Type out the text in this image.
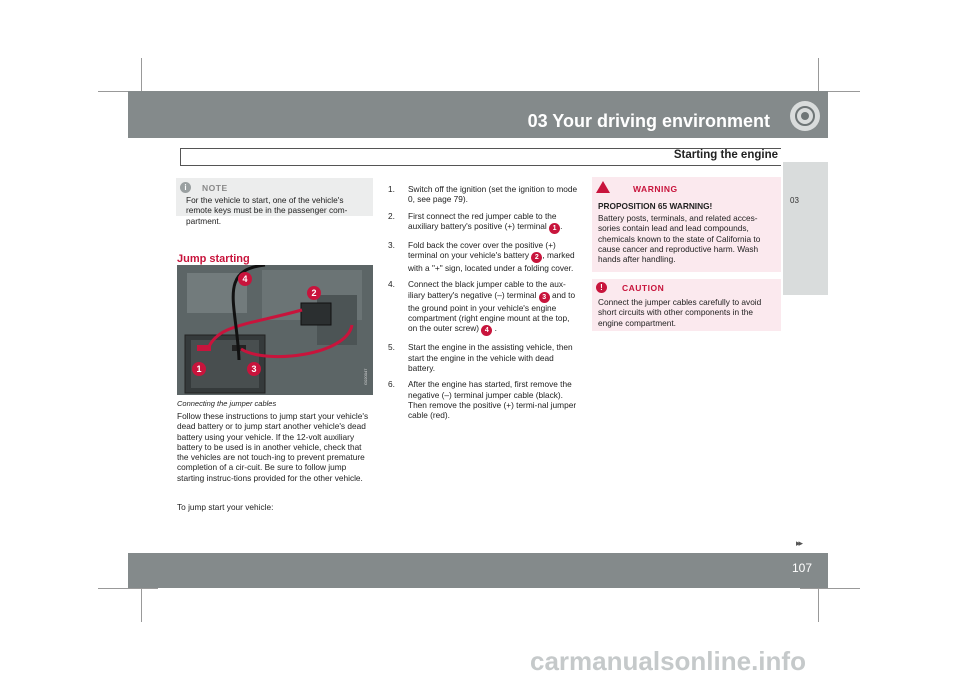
03 Your driving environment
Starting the engine
03
i	NOTE
For the vehicle to start, one of the vehicle's remote keys must be in the passenger com-partment.
Jump starting
4
2
1	3	G020047
Connecting the jumper cables
Follow these instructions to jump start your vehicle's dead battery or to jump start another vehicle's dead battery using your vehicle. If the 12-volt auxiliary battery to be used is in another vehicle, check that the vehicles are not touch-ing to prevent premature completion of a cir-cuit. Be sure to follow jump starting instruc-tions provided for the other vehicle.
To jump start your vehicle:
1. Switch off the ignition (set the ignition to mode 0, see page 79).
2. First connect the red jumper cable to the auxiliary battery's positive (+) terminal 1 .
3. Fold back the cover over the positive (+) terminal on your vehicle's battery 2 , marked with a "+" sign, located under a folding cover.
4. Connect the black jumper cable to the aux-iliary battery's negative (–) terminal 3 and to the ground point in your vehicle's engine compartment (right engine mount at the top, on the outer screw) 4 .
5. Start the engine in the assisting vehicle, then start the engine in the vehicle with dead battery.
6. After the engine has started, first remove the negative (–) terminal jumper cable (black). Then remove the positive (+) termi-nal jumper cable (red).
WARNING
PROPOSITION 65 WARNING!
Battery posts, terminals, and related acces-sories contain lead and lead compounds, chemicals known to the state of California to cause cancer and reproductive harm. Wash hands after handling.
!	CAUTION
Connect the jumper cables carefully to avoid short circuits with other components in the engine compartment.
▸▸
107
carmanualsonline.info
